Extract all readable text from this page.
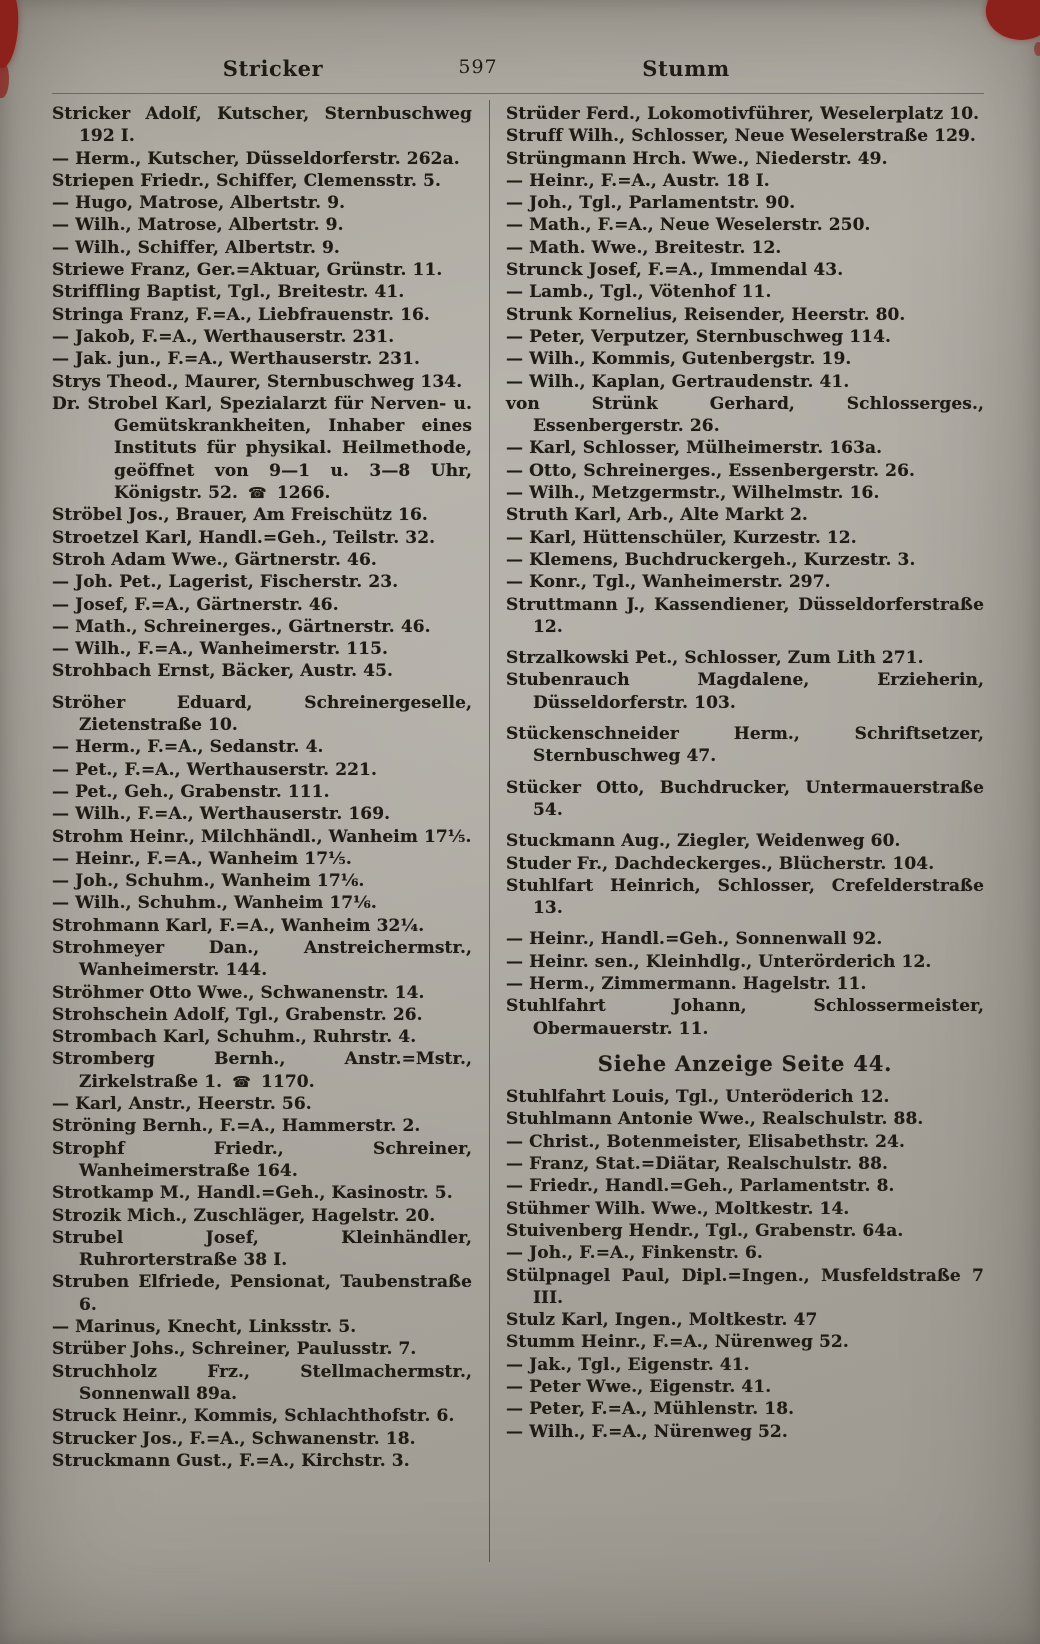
Stricker	597	Stumm
Stricker Adolf, Kutscher, Sternbuschweg 192 I.
— Herm., Kutscher, Düsseldorferstr. 262a.
Striepen Friedr., Schiffer, Clemensstr. 5.
— Hugo, Matrose, Albertstr. 9.
— Wilh., Matrose, Albertstr. 9.
— Wilh., Schiffer, Albertstr. 9.
Striewe Franz, Ger.=Aktuar, Grünstr. 11.
Striffling Baptist, Tgl., Breitestr. 41.
Stringa Franz, F.=A., Liebfrauenstr. 16.
— Jakob, F.=A., Werthauserstr. 231.
— Jak. jun., F.=A., Werthauserstr. 231.
Strys Theod., Maurer, Sternbuschweg 134.
Dr. Strobel Karl, Spezialarzt für Nerven- u. Gemütskrankheiten, Inhaber eines Instituts für physikal. Heilmethode, geöffnet von 9—1 u. 3—8 Uhr, Königstr. 52. ☎ 1266.
Ströbel Jos., Brauer, Am Freischütz 16.
Stroetzel Karl, Handl.=Geh., Teilstr. 32.
Stroh Adam Wwe., Gärtnerstr. 46.
— Joh. Pet., Lagerist, Fischerstr. 23.
— Josef, F.=A., Gärtnerstr. 46.
— Math., Schreinerges., Gärtnerstr. 46.
— Wilh., F.=A., Wanheimerstr. 115.
Strohbach Ernst, Bäcker, Austr. 45.
Ströher Eduard, Schreinergeselle, Zietenstraße 10.
— Herm., F.=A., Sedanstr. 4.
— Pet., F.=A., Werthauserstr. 221.
— Pet., Geh., Grabenstr. 111.
— Wilh., F.=A., Werthauserstr. 169.
Strohm Heinr., Milchhändl., Wanheim 17⅕.
— Heinr., F.=A., Wanheim 17⅕.
— Joh., Schuhm., Wanheim 17⅙.
— Wilh., Schuhm., Wanheim 17⅙.
Strohmann Karl, F.=A., Wanheim 32¼.
Strohmeyer Dan., Anstreichermstr., Wanheimerstr. 144.
Ströhmer Otto Wwe., Schwanenstr. 14.
Strohschein Adolf, Tgl., Grabenstr. 26.
Strombach Karl, Schuhm., Ruhrstr. 4.
Stromberg Bernh., Anstr.=Mstr., Zirkelstraße 1. ☎ 1170.
— Karl, Anstr., Heerstr. 56.
Ströning Bernh., F.=A., Hammerstr. 2.
Strophf Friedr., Schreiner, Wanheimerstraße 164.
Strotkamp M., Handl.=Geh., Kasinostr. 5.
Strozik Mich., Zuschläger, Hagelstr. 20.
Strubel Josef, Kleinhändler, Ruhrorterstraße 38 I.
Struben Elfriede, Pensionat, Taubenstraße 6.
— Marinus, Knecht, Linksstr. 5.
Strüber Johs., Schreiner, Paulusstr. 7.
Struchholz Frz., Stellmachermstr., Sonnenwall 89a.
Struck Heinr., Kommis, Schlachthofstr. 6.
Strucker Jos., F.=A., Schwanenstr. 18.
Struckmann Gust., F.=A., Kirchstr. 3.
Strüder Ferd., Lokomotivführer, Weselerplatz 10.
Struff Wilh., Schlosser, Neue Weselerstraße 129.
Strüngmann Hrch. Wwe., Niederstr. 49.
— Heinr., F.=A., Austr. 18 I.
— Joh., Tgl., Parlamentstr. 90.
— Math., F.=A., Neue Weselerstr. 250.
— Math. Wwe., Breitestr. 12.
Strunck Josef, F.=A., Immendal 43.
— Lamb., Tgl., Vötenhof 11.
Strunk Kornelius, Reisender, Heerstr. 80.
— Peter, Verputzer, Sternbuschweg 114.
— Wilh., Kommis, Gutenbergstr. 19.
— Wilh., Kaplan, Gertraudenstr. 41.
von Strünk Gerhard, Schlosserges., Essenbergerstr. 26.
— Karl, Schlosser, Mülheimerstr. 163a.
— Otto, Schreinerges., Essenbergerstr. 26.
— Wilh., Metzgermstr., Wilhelmstr. 16.
Struth Karl, Arb., Alte Markt 2.
— Karl, Hüttenschüler, Kurzestr. 12.
— Klemens, Buchdruckergeh., Kurzestr. 3.
— Konr., Tgl., Wanheimerstr. 297.
Struttmann J., Kassendiener, Düsseldorferstraße 12.
Strzalkowski Pet., Schlosser, Zum Lith 271.
Stubenrauch Magdalene, Erzieherin, Düsseldorferstr. 103.
Stückenschneider Herm., Schriftsetzer, Sternbuschweg 47.
Stücker Otto, Buchdrucker, Untermauerstraße 54.
Stuckmann Aug., Ziegler, Weidenweg 60.
Studer Fr., Dachdeckerges., Blücherstr. 104.
Stuhlfart Heinrich, Schlosser, Crefelderstraße 13.
— Heinr., Handl.=Geh., Sonnenwall 92.
— Heinr. sen., Kleinhdlg., Unterörderich 12.
— Herm., Zimmermann. Hagelstr. 11.
Stuhlfahrt Johann, Schlossermeister, Obermauerstr. 11.
Siehe Anzeige Seite 44.
Stuhlfahrt Louis, Tgl., Unteröderich 12.
Stuhlmann Antonie Wwe., Realschulstr. 88.
— Christ., Botenmeister, Elisabethstr. 24.
— Franz, Stat.=Diätar, Realschulstr. 88.
— Friedr., Handl.=Geh., Parlamentstr. 8.
Stühmer Wilh. Wwe., Moltkestr. 14.
Stuivenberg Hendr., Tgl., Grabenstr. 64a.
— Joh., F.=A., Finkenstr. 6.
Stülpnagel Paul, Dipl.=Ingen., Musfeldstraße 7 III.
Stulz Karl, Ingen., Moltkestr. 47
Stumm Heinr., F.=A., Nürenweg 52.
— Jak., Tgl., Eigenstr. 41.
— Peter Wwe., Eigenstr. 41.
— Peter, F.=A., Mühlenstr. 18.
— Wilh., F.=A., Nürenweg 52.
